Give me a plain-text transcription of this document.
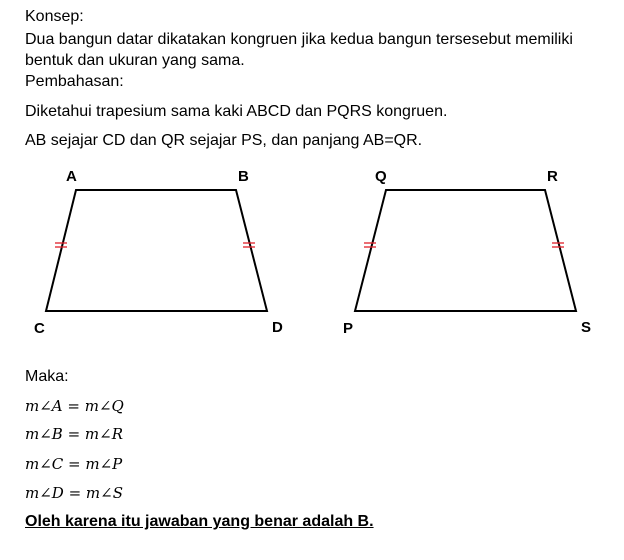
Konsep:
Dua bangun datar dikatakan kongruen jika kedua bangun tersesebut memiliki
bentuk dan ukuran yang sama.
Pembahasan:
Diketahui trapesium sama kaki ABCD dan PQRS kongruen.
AB sejajar CD dan QR sejajar PS, dan panjang AB=QR.
A	B
C	D
Q	R
P	S
Maka:
m∠A = m∠Q
m∠B = m∠R
m∠C = m∠P
m∠D = m∠S
Oleh karena itu jawaban yang benar adalah B.
